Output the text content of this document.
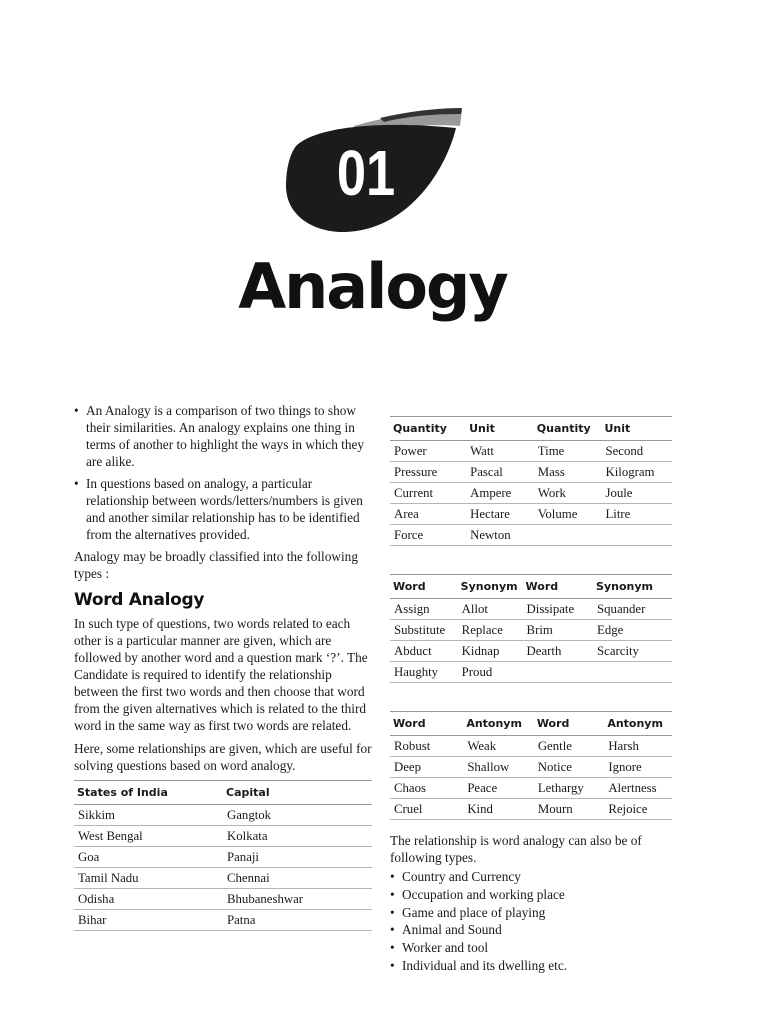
01
Analogy
• An Analogy is a comparison of two things to show their similarities. An analogy explains one thing in terms of another to highlight the ways in which they are alike.
• In questions based on analogy, a particular relationship between words/letters/numbers is given and another similar relationship has to be identified from the alternatives provided.

Analogy may be broadly classified into the following types :

Word Analogy

In such type of questions, two words related to each other is a particular manner are given, which are followed by another word and a question mark ‘?’. The Candidate is required to identify the relationship between the first two words and then choose that word from the given alternatives which is related to the third word in the same way as first two words are related.

Here, some relationships are given, which are useful for solving questions based on word analogy.

States of India	Capital
Sikkim	Gangtok
West Bengal	Kolkata
Goa	Panaji
Tamil Nadu	Chennai
Odisha	Bhubaneshwar
Bihar	Patna
Quantity	Unit	Quantity	Unit
Power	Watt	Time	Second
Pressure	Pascal	Mass	Kilogram
Current	Ampere	Work	Joule
Area	Hectare	Volume	Litre
Force	Newton		
Word	Synonym	Word	Synonym
Assign	Allot	Dissipate	Squander
Substitute	Replace	Brim	Edge
Abduct	Kidnap	Dearth	Scarcity
Haughty	Proud		
Word	Antonym	Word	Antonym
Robust	Weak	Gentle	Harsh
Deep	Shallow	Notice	Ignore
Chaos	Peace	Lethargy	Alertness
Cruel	Kind	Mourn	Rejoice

The relationship is word analogy can also be of following types.

• Country and Currency
• Occupation and working place
• Game and place of playing
• Animal and Sound
• Worker and tool
• Individual and its dwelling etc.
